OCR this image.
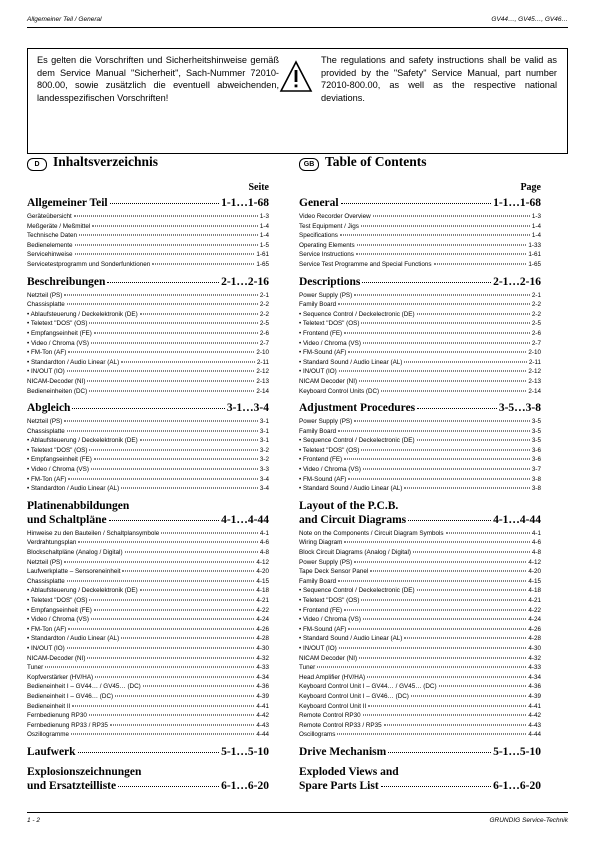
Allgemeiner Teil / General	GV44…, GV45…, GV46…
Es gelten die Vorschriften und Sicherheitshinweise gemäß dem Service Manual "Sicherheit", Sach-Nummer 72010-800.00, sowie zusätzlich die eventuell abweichenden, landesspezifischen Vorschriften!
The regulations and safety instructions shall be valid as provided by the "Safety" Service Manual, part number 72010-800.00, as well as the respective national deviations.
D Inhaltsverzeichnis
Seite
Allgemeiner Teil	1-1…1-68
Geräteübersicht	1-3
Meßgeräte / Meßmittel	1-4
Technische Daten	1-4
Bedienelemente	1-5
Servicehinweise	1-61
Servicetestprogramm und Sonderfunktionen	1-65
Beschreibungen	2-1…2-16
Netzteil (PS)	2-1
Chassisplatte	2-2
• Ablaufsteuerung / Deckelektronik (DE)	2-2
• Teletext "DOS" (OS)	2-5
• Empfangseinheit (FE)	2-6
• Video / Chroma (VS)	2-7
• FM-Ton (AF)	2-10
• Standardton / Audio Linear (AL)	2-11
• IN/OUT (IO)	2-12
NICAM-Decoder (NI)	2-13
Bedieneinheiten (DC)	2-14
Abgleich	3-1…3-4
Netzteil (PS)	3-1
Chassisplatte	3-1
• Ablaufsteuerung / Deckelektronik (DE)	3-1
• Teletext "DOS" (OS)	3-2
• Empfangseinheit (FE)	3-2
• Video / Chroma (VS)	3-3
• FM-Ton (AF)	3-4
• Standardton / Audio Linear (AL)	3-4
Platinenabbildungen
und Schaltpläne	4-1…4-44
Hinweise zu den Bauteilen / Schaltplansymbole	4-1
Verdrahtungsplan	4-6
Blockschaltpläne (Analog / Digital)	4-8
Netzteil (PS)	4-12
Laufwerkplatte – Sensoreneinheit	4-20
Chassisplatte	4-15
• Ablaufsteuerung / Deckelektronik (DE)	4-18
• Teletext "DOS" (OS)	4-21
• Empfangseinheit (FE)	4-22
• Video / Chroma (VS)	4-24
• FM-Ton (AF)	4-26
• Standardton / Audio Linear (AL)	4-28
• IN/OUT (IO)	4-30
NICAM-Decoder (NI)	4-32
Tuner	4-33
Kopfverstärker (HV/HA)	4-34
Bedieneinheit I – GV44… / GV45… (DC)	4-36
Bedieneinheit I – GV46… (DC)	4-39
Bedieneinheit II	4-41
Fernbedienung RP30	4-42
Fernbedienung RP33 / RP35	4-43
Oszillogramme	4-44
Laufwerk	5-1…5-10
Explosionszeichnungen
und Ersatzteilliste	6-1…6-20
GB Table of Contents
Page
General	1-1…1-68
Video Recorder Overview	1-3
Test Equipment / Jigs	1-4
Specifications	1-4
Operating Elements	1-33
Service Instructions	1-61
Service Test Programme and Special Functions	1-65
Descriptions	2-1…2-16
Power Supply (PS)	2-1
Family Board	2-2
• Sequence Control / Deckelectronic (DE)	2-2
• Teletext "DOS" (OS)	2-5
• Frontend (FE)	2-6
• Video / Chroma (VS)	2-7
• FM-Sound (AF)	2-10
• Standard Sound / Audio Linear (AL)	2-11
• IN/OUT (IO)	2-12
NICAM Decoder (NI)	2-13
Keyboard Control Units (DC)	2-14
Adjustment Procedures	3-5…3-8
Power Supply (PS)	3-5
Family Board	3-5
• Sequence Control / Deckelectronic (DE)	3-5
• Teletext "DOS" (OS)	3-6
• Frontend (FE)	3-6
• Video / Chroma (VS)	3-7
• FM-Sound (AF)	3-8
• Standard Sound / Audio Linear (AL)	3-8
Layout of the P.C.B.
and Circuit Diagrams	4-1…4-44
Note on the Components / Circuit Diagram Symbols	4-1
Wiring Diagram	4-6
Block Circuit Diagrams (Analog / Digital)	4-8
Power Supply (PS)	4-12
Tape Deck Sensor Panel	4-20
Family Board	4-15
• Sequence Control / Deckelectronic (DE)	4-18
• Teletext "DOS" (OS)	4-21
• Frontend (FE)	4-22
• Video / Chroma (VS)	4-24
• FM-Sound (AF)	4-26
• Standard Sound / Audio Linear (AL)	4-28
• IN/OUT (IO)	4-30
NICAM Decoder (NI)	4-32
Tuner	4-33
Head Amplifier (HV/HA)	4-34
Keyboard Control Unit I – GV44… / GV45… (DC)	4-36
Keyboard Control Unit I – GV46… (DC)	4-39
Keyboard Control Unit II	4-41
Remote Control RP30	4-42
Remote Control RP33 / RP35	4-43
Oscillograms	4-44
Drive Mechanism	5-1…5-10
Exploded Views and
Spare Parts List	6-1…6-20
1 - 2	GRUNDIG Service-Technik
